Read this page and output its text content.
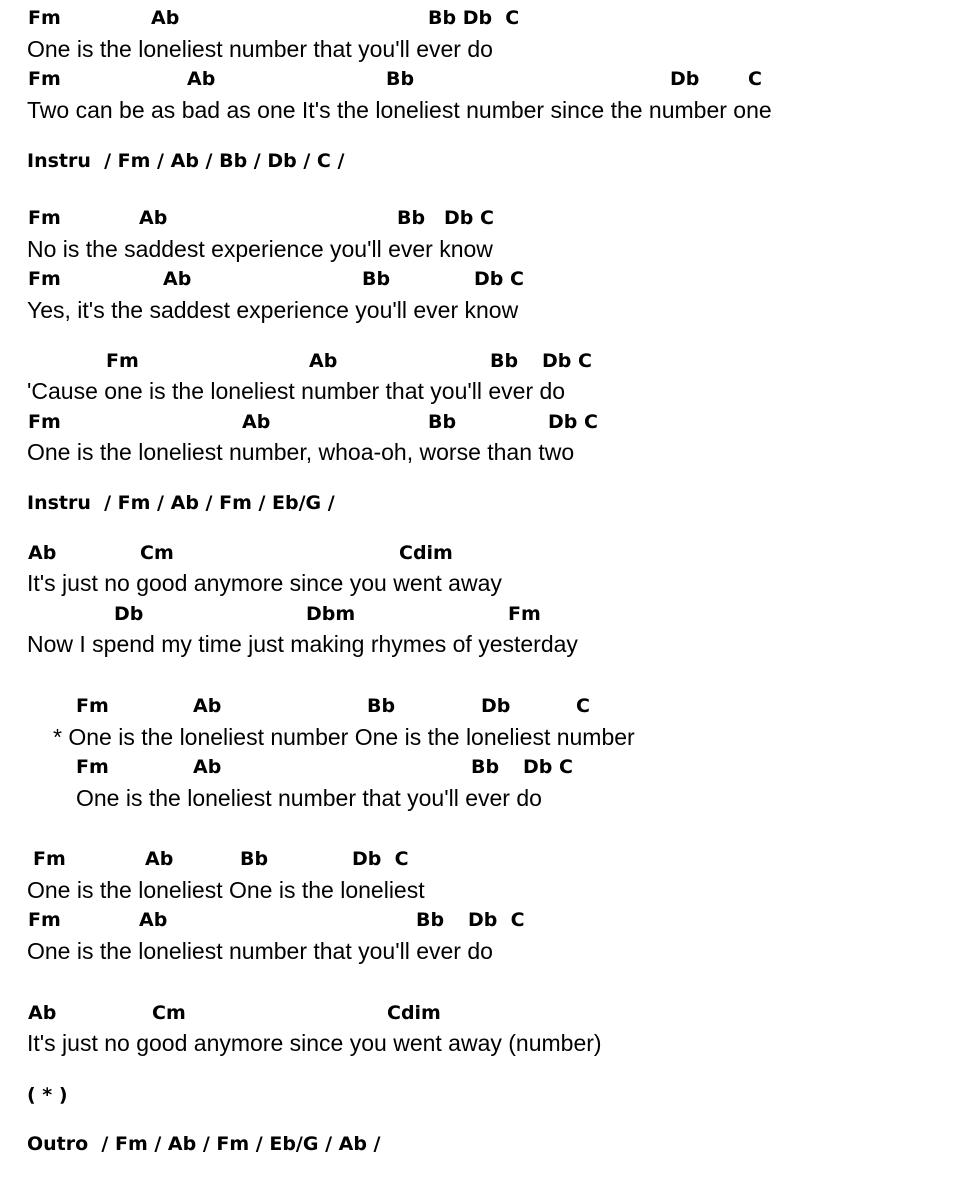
Fm	Ab	Bb Db  C
One is the loneliest number that you'll ever do
Fm	Ab	Bb	Db	C
Two can be as bad as one It's the loneliest number since the number one
Instru  / Fm / Ab / Bb / Db / C /
Fm	Ab	Bb Db C
No is the saddest experience you'll ever know
Fm	Ab	Bb	Db C
Yes, it's the saddest experience you'll ever know
Fm	Ab	Bb Db C
'Cause one is the loneliest number that you'll ever do
Fm	Ab	Bb	Db C
One is the loneliest number, whoa-oh, worse than two
Instru  / Fm / Ab / Fm / Eb/G /
Ab	Cm	Cdim
It's just no good anymore since you went away
Db	Dbm	Fm
Now I spend my time just making rhymes of yesterday
Fm	Ab	Bb	Db	C
* One is the loneliest number One is the loneliest number
Fm	Ab	Bb Db C
One is the loneliest number that you'll ever do
Fm	Ab	Bb	Db  C
One is the loneliest One is the loneliest
Fm	Ab	Bb Db  C
One is the loneliest number that you'll ever do
Ab	Cm	Cdim
It's just no good anymore since you went away (number)
( * )
Outro  / Fm / Ab / Fm / Eb/G / Ab /
